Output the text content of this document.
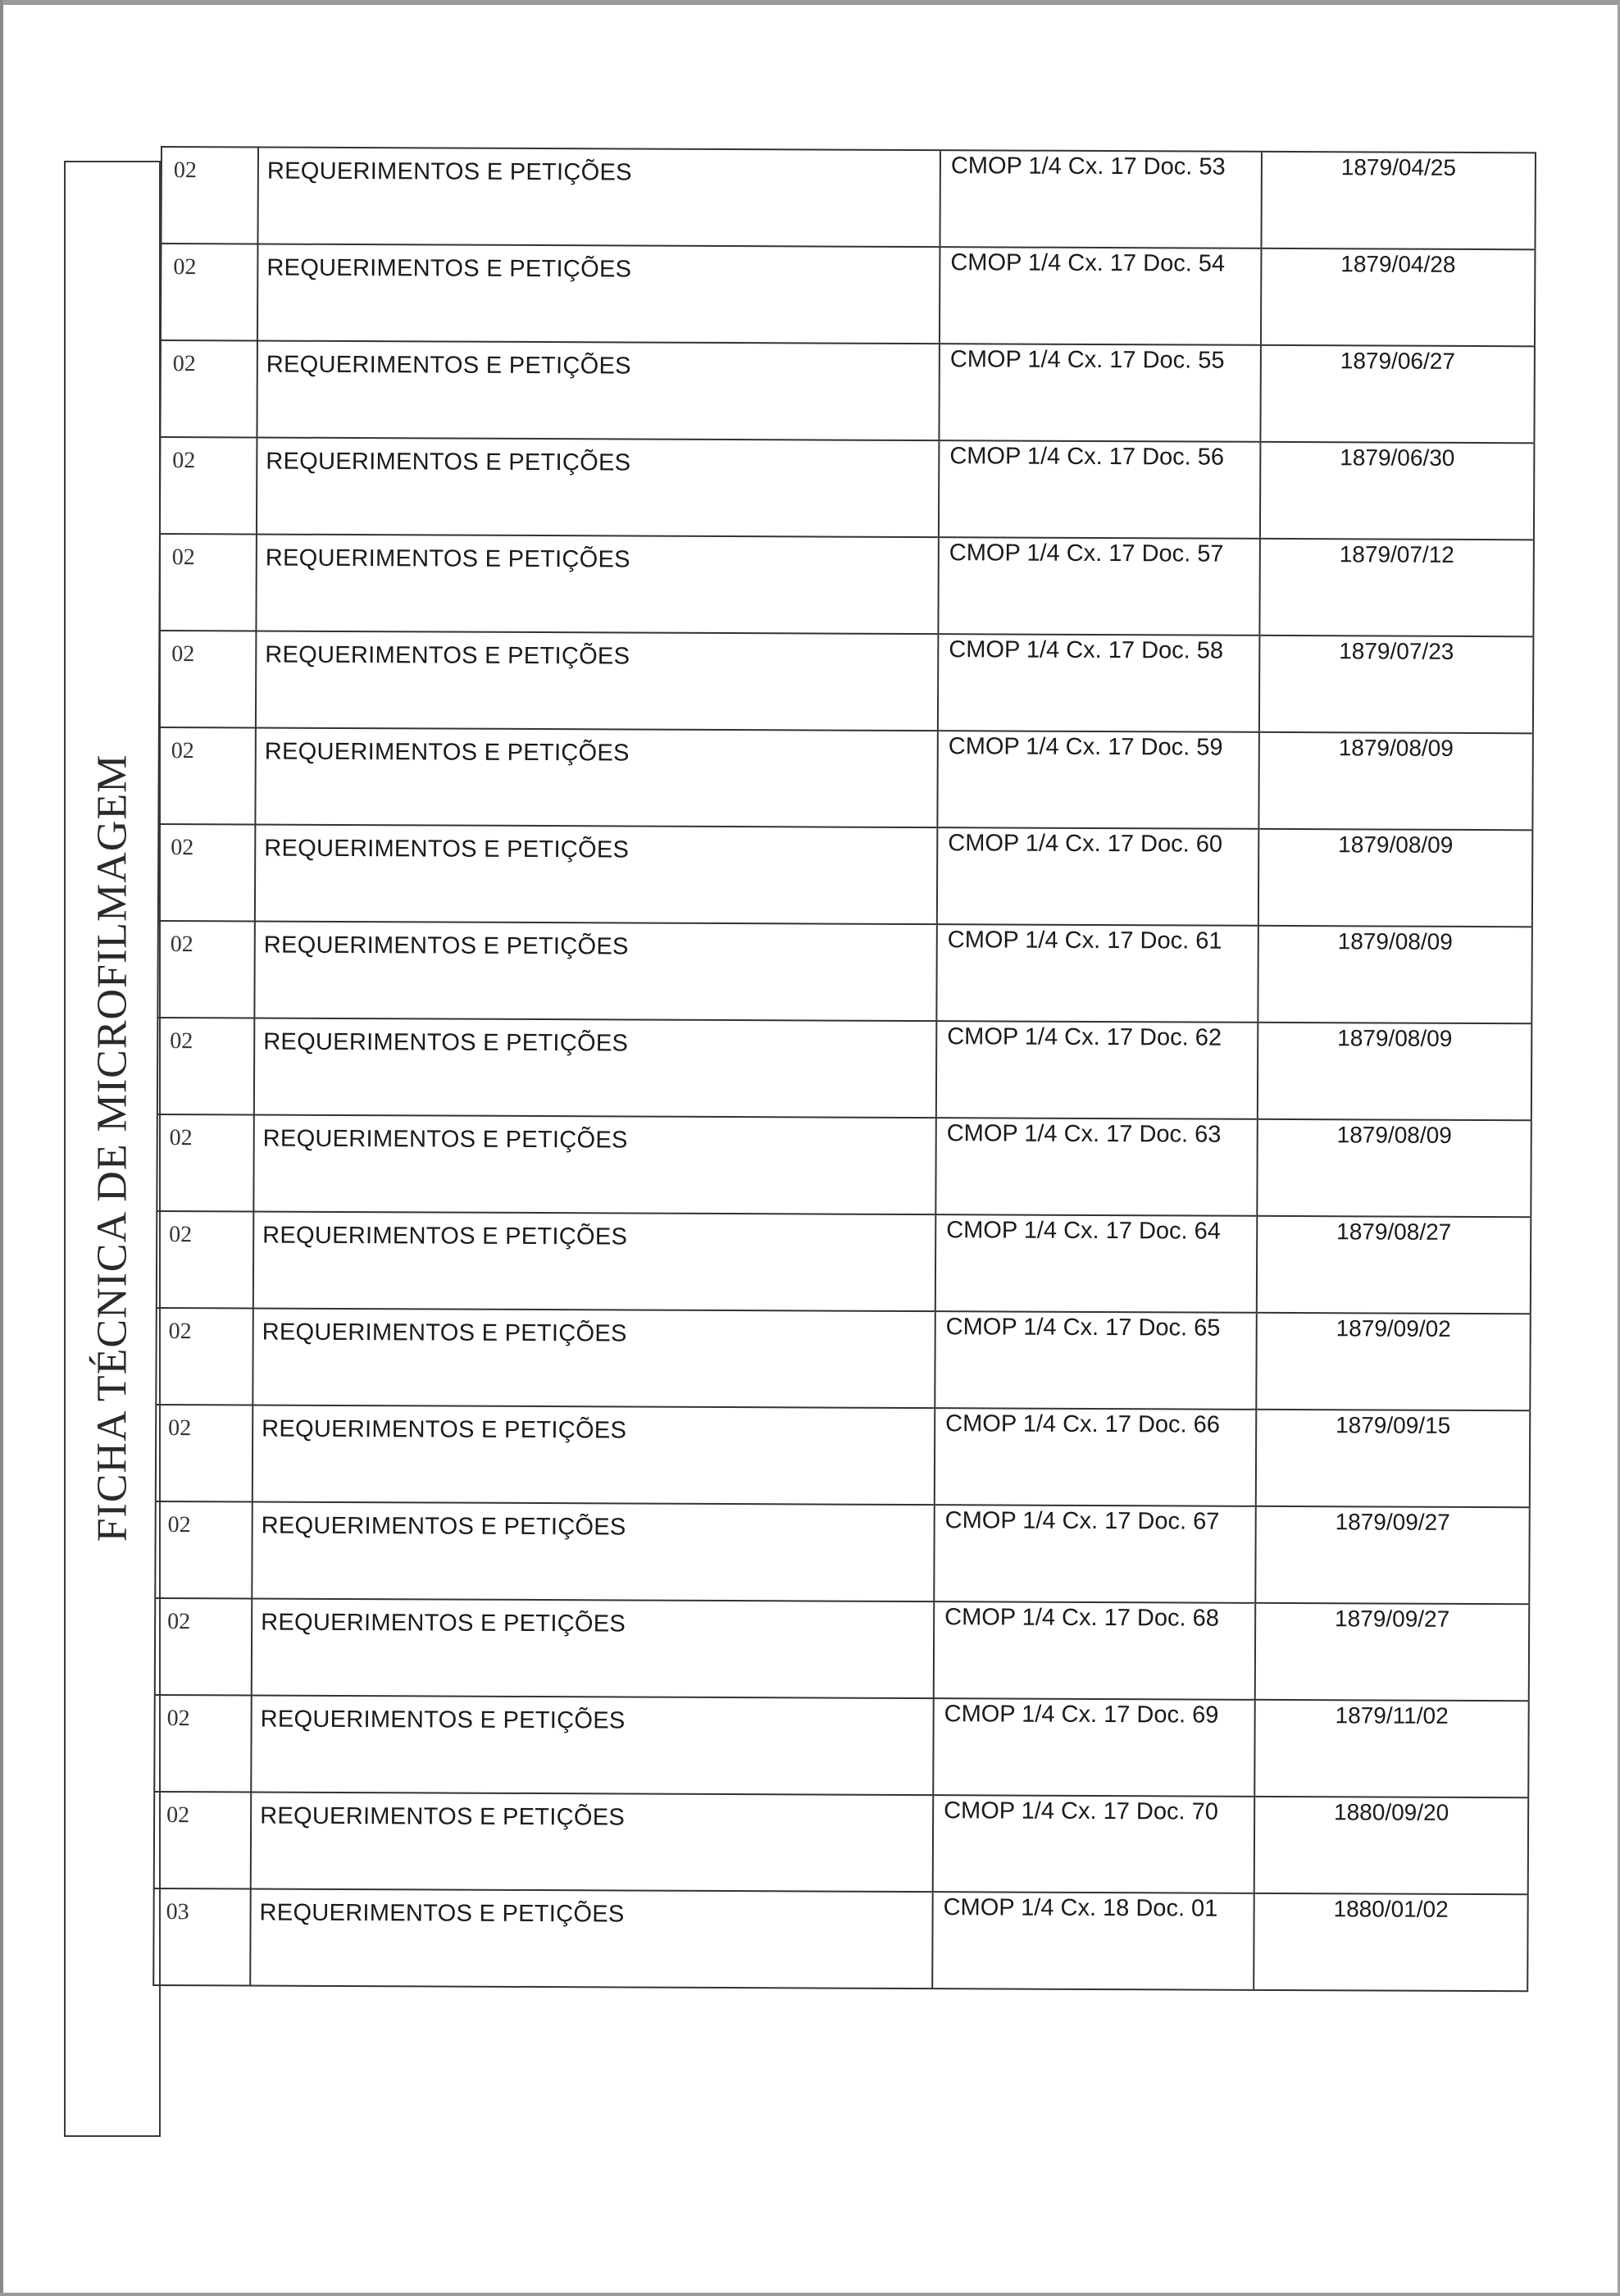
FICHA TÉCNICA DE MICROFILMAGEM
02	REQUERIMENTOS E PETIÇÕES	CMOP 1/4 Cx. 17 Doc. 53	1879/04/25
02	REQUERIMENTOS E PETIÇÕES	CMOP 1/4 Cx. 17 Doc. 54	1879/04/28
02	REQUERIMENTOS E PETIÇÕES	CMOP 1/4 Cx. 17 Doc. 55	1879/06/27
02	REQUERIMENTOS E PETIÇÕES	CMOP 1/4 Cx. 17 Doc. 56	1879/06/30
02	REQUERIMENTOS E PETIÇÕES	CMOP 1/4 Cx. 17 Doc. 57	1879/07/12
02	REQUERIMENTOS E PETIÇÕES	CMOP 1/4 Cx. 17 Doc. 58	1879/07/23
02	REQUERIMENTOS E PETIÇÕES	CMOP 1/4 Cx. 17 Doc. 59	1879/08/09
02	REQUERIMENTOS E PETIÇÕES	CMOP 1/4 Cx. 17 Doc. 60	1879/08/09
02	REQUERIMENTOS E PETIÇÕES	CMOP 1/4 Cx. 17 Doc. 61	1879/08/09
02	REQUERIMENTOS E PETIÇÕES	CMOP 1/4 Cx. 17 Doc. 62	1879/08/09
02	REQUERIMENTOS E PETIÇÕES	CMOP 1/4 Cx. 17 Doc. 63	1879/08/09
02	REQUERIMENTOS E PETIÇÕES	CMOP 1/4 Cx. 17 Doc. 64	1879/08/27
02	REQUERIMENTOS E PETIÇÕES	CMOP 1/4 Cx. 17 Doc. 65	1879/09/02
02	REQUERIMENTOS E PETIÇÕES	CMOP 1/4 Cx. 17 Doc. 66	1879/09/15
02	REQUERIMENTOS E PETIÇÕES	CMOP 1/4 Cx. 17 Doc. 67	1879/09/27
02	REQUERIMENTOS E PETIÇÕES	CMOP 1/4 Cx. 17 Doc. 68	1879/09/27
02	REQUERIMENTOS E PETIÇÕES	CMOP 1/4 Cx. 17 Doc. 69	1879/11/02
02	REQUERIMENTOS E PETIÇÕES	CMOP 1/4 Cx. 17 Doc. 70	1880/09/20
03	REQUERIMENTOS E PETIÇÕES	CMOP 1/4 Cx. 18 Doc. 01	1880/01/02
